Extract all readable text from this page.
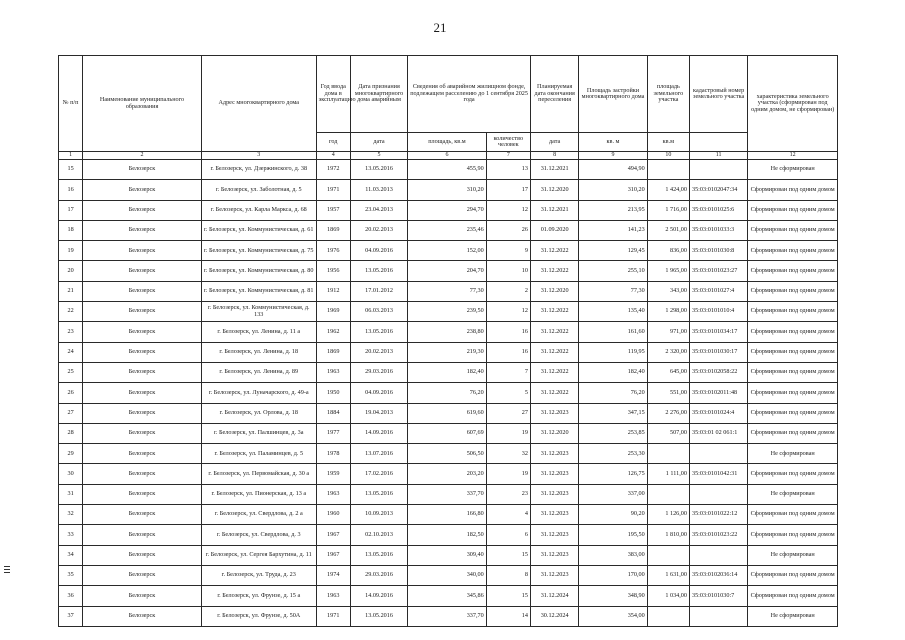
21
№ п/п	Наименование муниципального образования	Адрес многоквартирного дома	Год ввода дома в эксплуатацию	Дата признания многоквартирного дома аварийным	Сведения об аварийном жилищном фонде, подлежащем расселению до 1 сентября 2025 года		Планируемая дата окончания переселения	Площадь застройки многоквартирного дома	площадь земельного участка	кадастровый номер земельного участка	характеристика земельного участка (сформирован под одним домом, не сформирован)
			год	дата	площадь, кв.м	количество человек	дата	кв. м	кв.м		
1	2	3	4	5	6	7	8	9	10	11	12
15	Белозерск	г. Белозерск, ул. Дзержинского, д. 38	1972	13.05.2016	455,90	13	31.12.2021	494,90			Не сформирован
16	Белозерск	г. Белозерск, ул. Заболотная, д. 5	1971	11.03.2013	310,20	17	31.12.2020	310,20	1 424,00	35:03:0102047:34	Сформирован под одним домом
17	Белозерск	г. Белозерск, ул. Карла Маркса, д. 68	1957	23.04.2013	294,70	12	31.12.2021	213,95	1 716,00	35:03:0101025:6	Сформирован под одним домом
18	Белозерск	г. Белозерск, ул. Коммунистическая, д. 61	1869	20.02.2013	235,46	26	01.09.2020	141,23	2 501,00	35:03:0101033:3	Сформирован под одним домом
19	Белозерск	г. Белозерск, ул. Коммунистическая, д. 75	1976	04.09.2016	152,00	9	31.12.2022	129,45	836,00	35:03:0101030:8	Сформирован под одним домом
20	Белозерск	г. Белозерск, ул. Коммунистическая, д. 80	1956	13.05.2016	204,70	10	31.12.2022	255,10	1 965,00	35:03:0101023:27	Сформирован под одним домом
21	Белозерск	г. Белозерск, ул. Коммунистическая, д. 81	1912	17.01.2012	77,30	2	31.12.2020	77,30	343,00	35:03:0101027:4	Сформирован под одним домом
22	Белозерск	г. Белозерск, ул. Коммунистическая, д. 133	1969	06.03.2013	239,50	12	31.12.2022	135,40	1 298,00	35:03:0101010:4	Сформирован под одним домом
23	Белозерск	г. Белозерск, ул. Ленина, д. 11 а	1962	13.05.2016	238,80	16	31.12.2022	161,60	971,00	35:03:0101034:17	Сформирован под одним домом
24	Белозерск	г. Белозерск, ул. Ленина, д. 18	1869	20.02.2013	219,30	16	31.12.2022	119,95	2 320,00	35:03:0101030:17	Сформирован под одним домом
25	Белозерск	г. Белозерск, ул. Ленина, д. 89	1963	29.03.2016	182,40	7	31.12.2022	182,40	645,00	35:03:0102058:22	Сформирован под одним домом
26	Белозерск	г. Белозерск, ул. Луначарского, д. 49-а	1950	04.09.2016	76,20	5	31.12.2022	76,20	551,00	35:03:0102011:48	Сформирован под одним домом
27	Белозерск	г. Белозерск, ул. Орлова, д. 18	1884	19.04.2013	619,60	27	31.12.2023	347,15	2 276,00	35:03:0101024:4	Сформирован под одним домом
28	Белозерск	г. Белозерск, ул. Палшинцев, д. 3а	1977	14.09.2016	607,69	19	31.12.2020	253,85	507,00	35:03:01 02 061:1	Сформирован под одним домом
29	Белозерск	г. Белозерск, ул. Паламинцев, д. 5	1978	13.07.2016	506,50	32	31.12.2023	253,30			Не сформирован
30	Белозерск	г. Белозерск, ул. Первомайская, д. 30 а	1959	17.02.2016	203,20	19	31.12.2023	126,75	1 111,00	35:03:0101042:31	Сформирован под одним домом
31	Белозерск	г. Белозерск, ул. Пионерская, д. 13 а	1963	13.05.2016	337,70	23	31.12.2023	337,00			Не сформирован
32	Белозерск	г. Белозерск, ул. Свердлова, д. 2 а	1960	10.09.2013	166,80	4	31.12.2023	90,20	1 126,00	35:03:0101022:12	Сформирован под одним домом
33	Белозерск	г. Белозерск, ул. Свердлова, д. 3	1967	02.10.2013	182,50	6	31.12.2023	195,50	1 810,00	35:03:0101023:22	Сформирован под одним домом
34	Белозерск	г. Белозерск, ул. Сергея Бархутина, д. 11	1967	13.05.2016	309,40	15	31.12.2023	383,00			Не сформирован
35	Белозерск	г. Белозерск, ул. Труда, д. 23	1974	29.03.2016	340,00	8	31.12.2023	170,00	1 631,00	35:03:0102036:14	Сформирован под одним домом
36	Белозерск	г. Белозерск, ул. Фрунзе, д. 15 а	1963	14.09.2016	345,86	15	31.12.2024	348,90	1 034,00	35:03:0101030:7	Сформирован под одним домом
37	Белозерск	г. Белозерск, ул. Фрунзе, д. 50А	1971	13.05.2016	337,70	14	30.12.2024	354,00			Не сформирован
